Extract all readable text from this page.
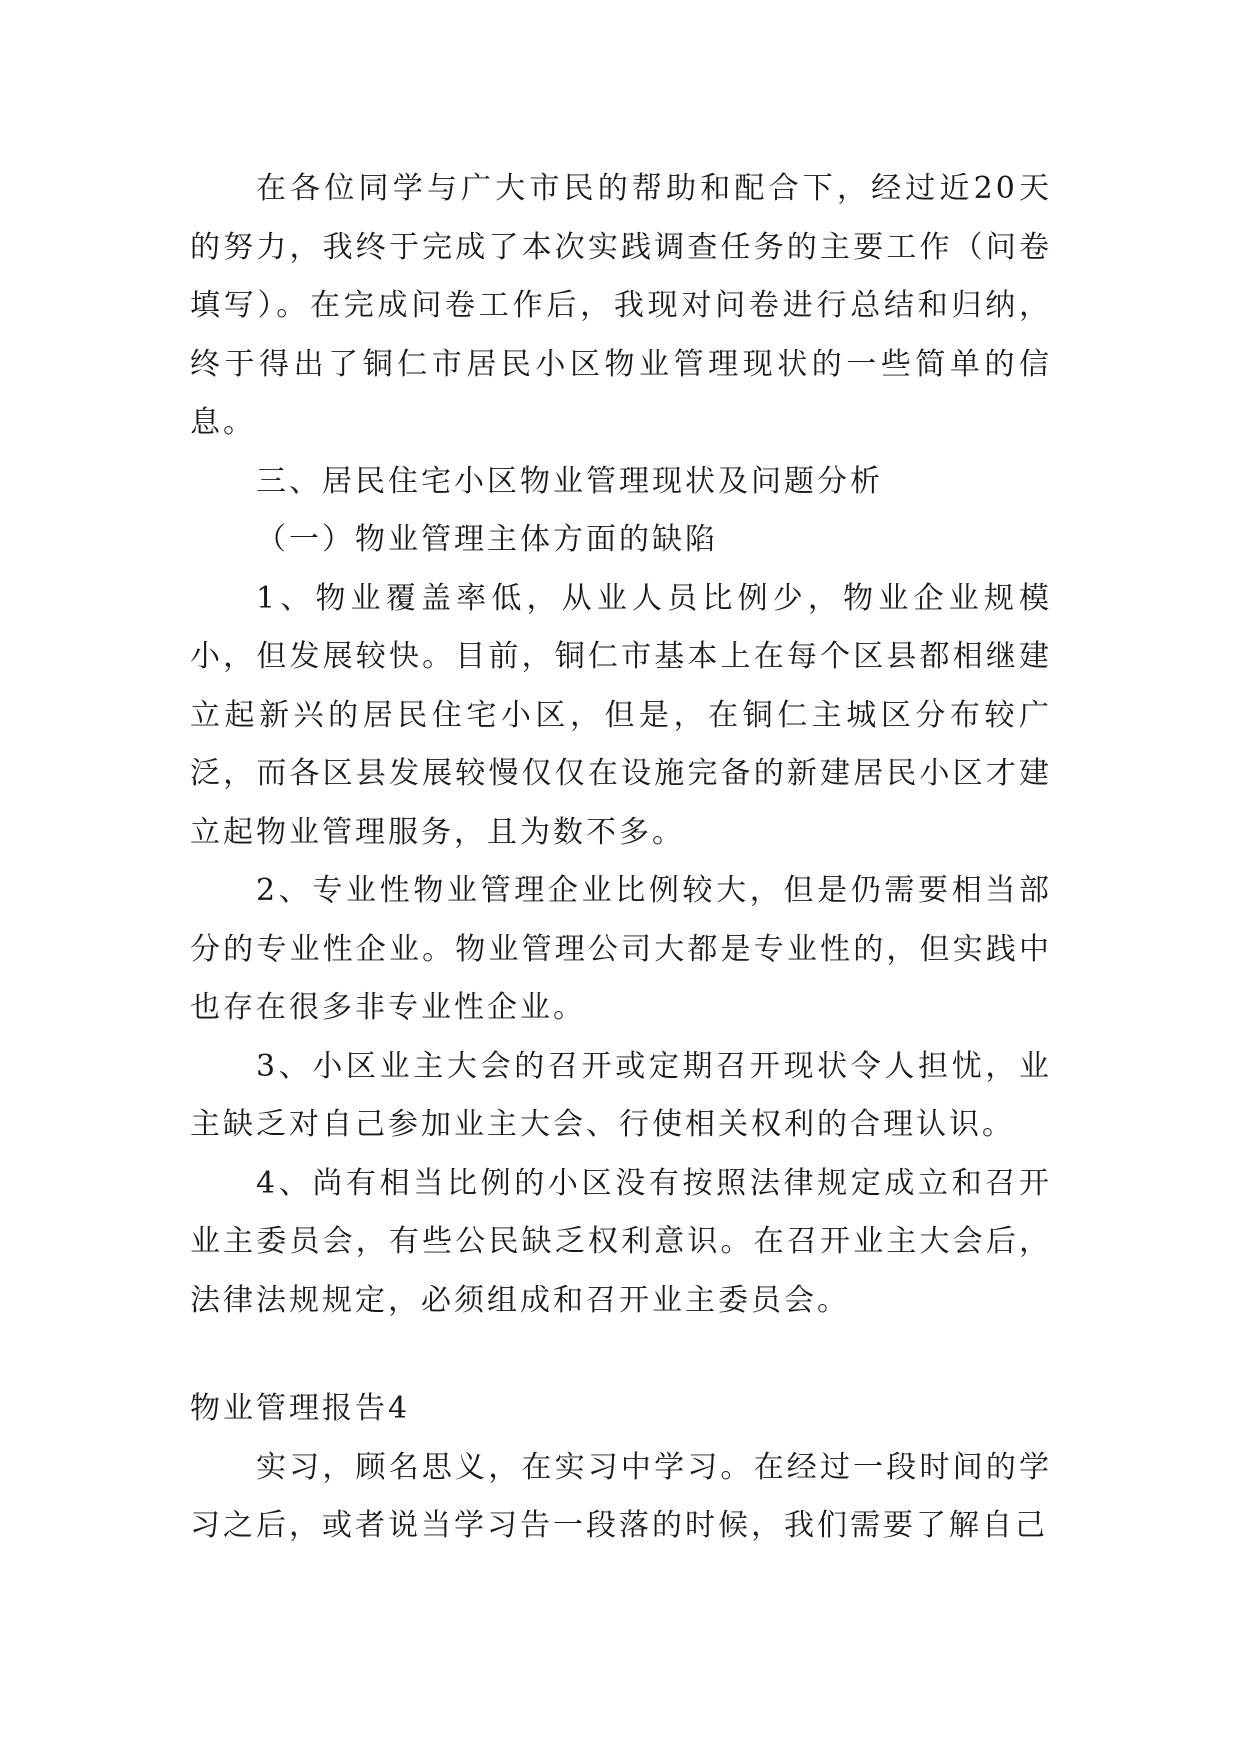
在各位同学与广大市民的帮助和配合下，经过近20天的努力，我终于完成了本次实践调查任务的主要工作（问卷填写）。在完成问卷工作后，我现对问卷进行总结和归纳，终于得出了铜仁市居民小区物业管理现状的一些简单的信息。

三、居民住宅小区物业管理现状及问题分析

（一）物业管理主体方面的缺陷

1、物业覆盖率低，从业人员比例少，物业企业规模小，但发展较快。目前，铜仁市基本上在每个区县都相继建立起新兴的居民住宅小区，但是，在铜仁主城区分布较广泛，而各区县发展较慢仅仅在设施完备的新建居民小区才建立起物业管理服务，且为数不多。

2、专业性物业管理企业比例较大，但是仍需要相当部分的专业性企业。物业管理公司大都是专业性的，但实践中也存在很多非专业性企业。

3、小区业主大会的召开或定期召开现状令人担忧，业主缺乏对自己参加业主大会、行使相关权利的合理认识。

4、尚有相当比例的小区没有按照法律规定成立和召开业主委员会，有些公民缺乏权利意识。在召开业主大会后，法律法规规定，必须组成和召开业主委员会。

物业管理报告4

实习，顾名思义，在实习中学习。在经过一段时间的学习之后，或者说当学习告一段落的时候，我们需要了解自己
